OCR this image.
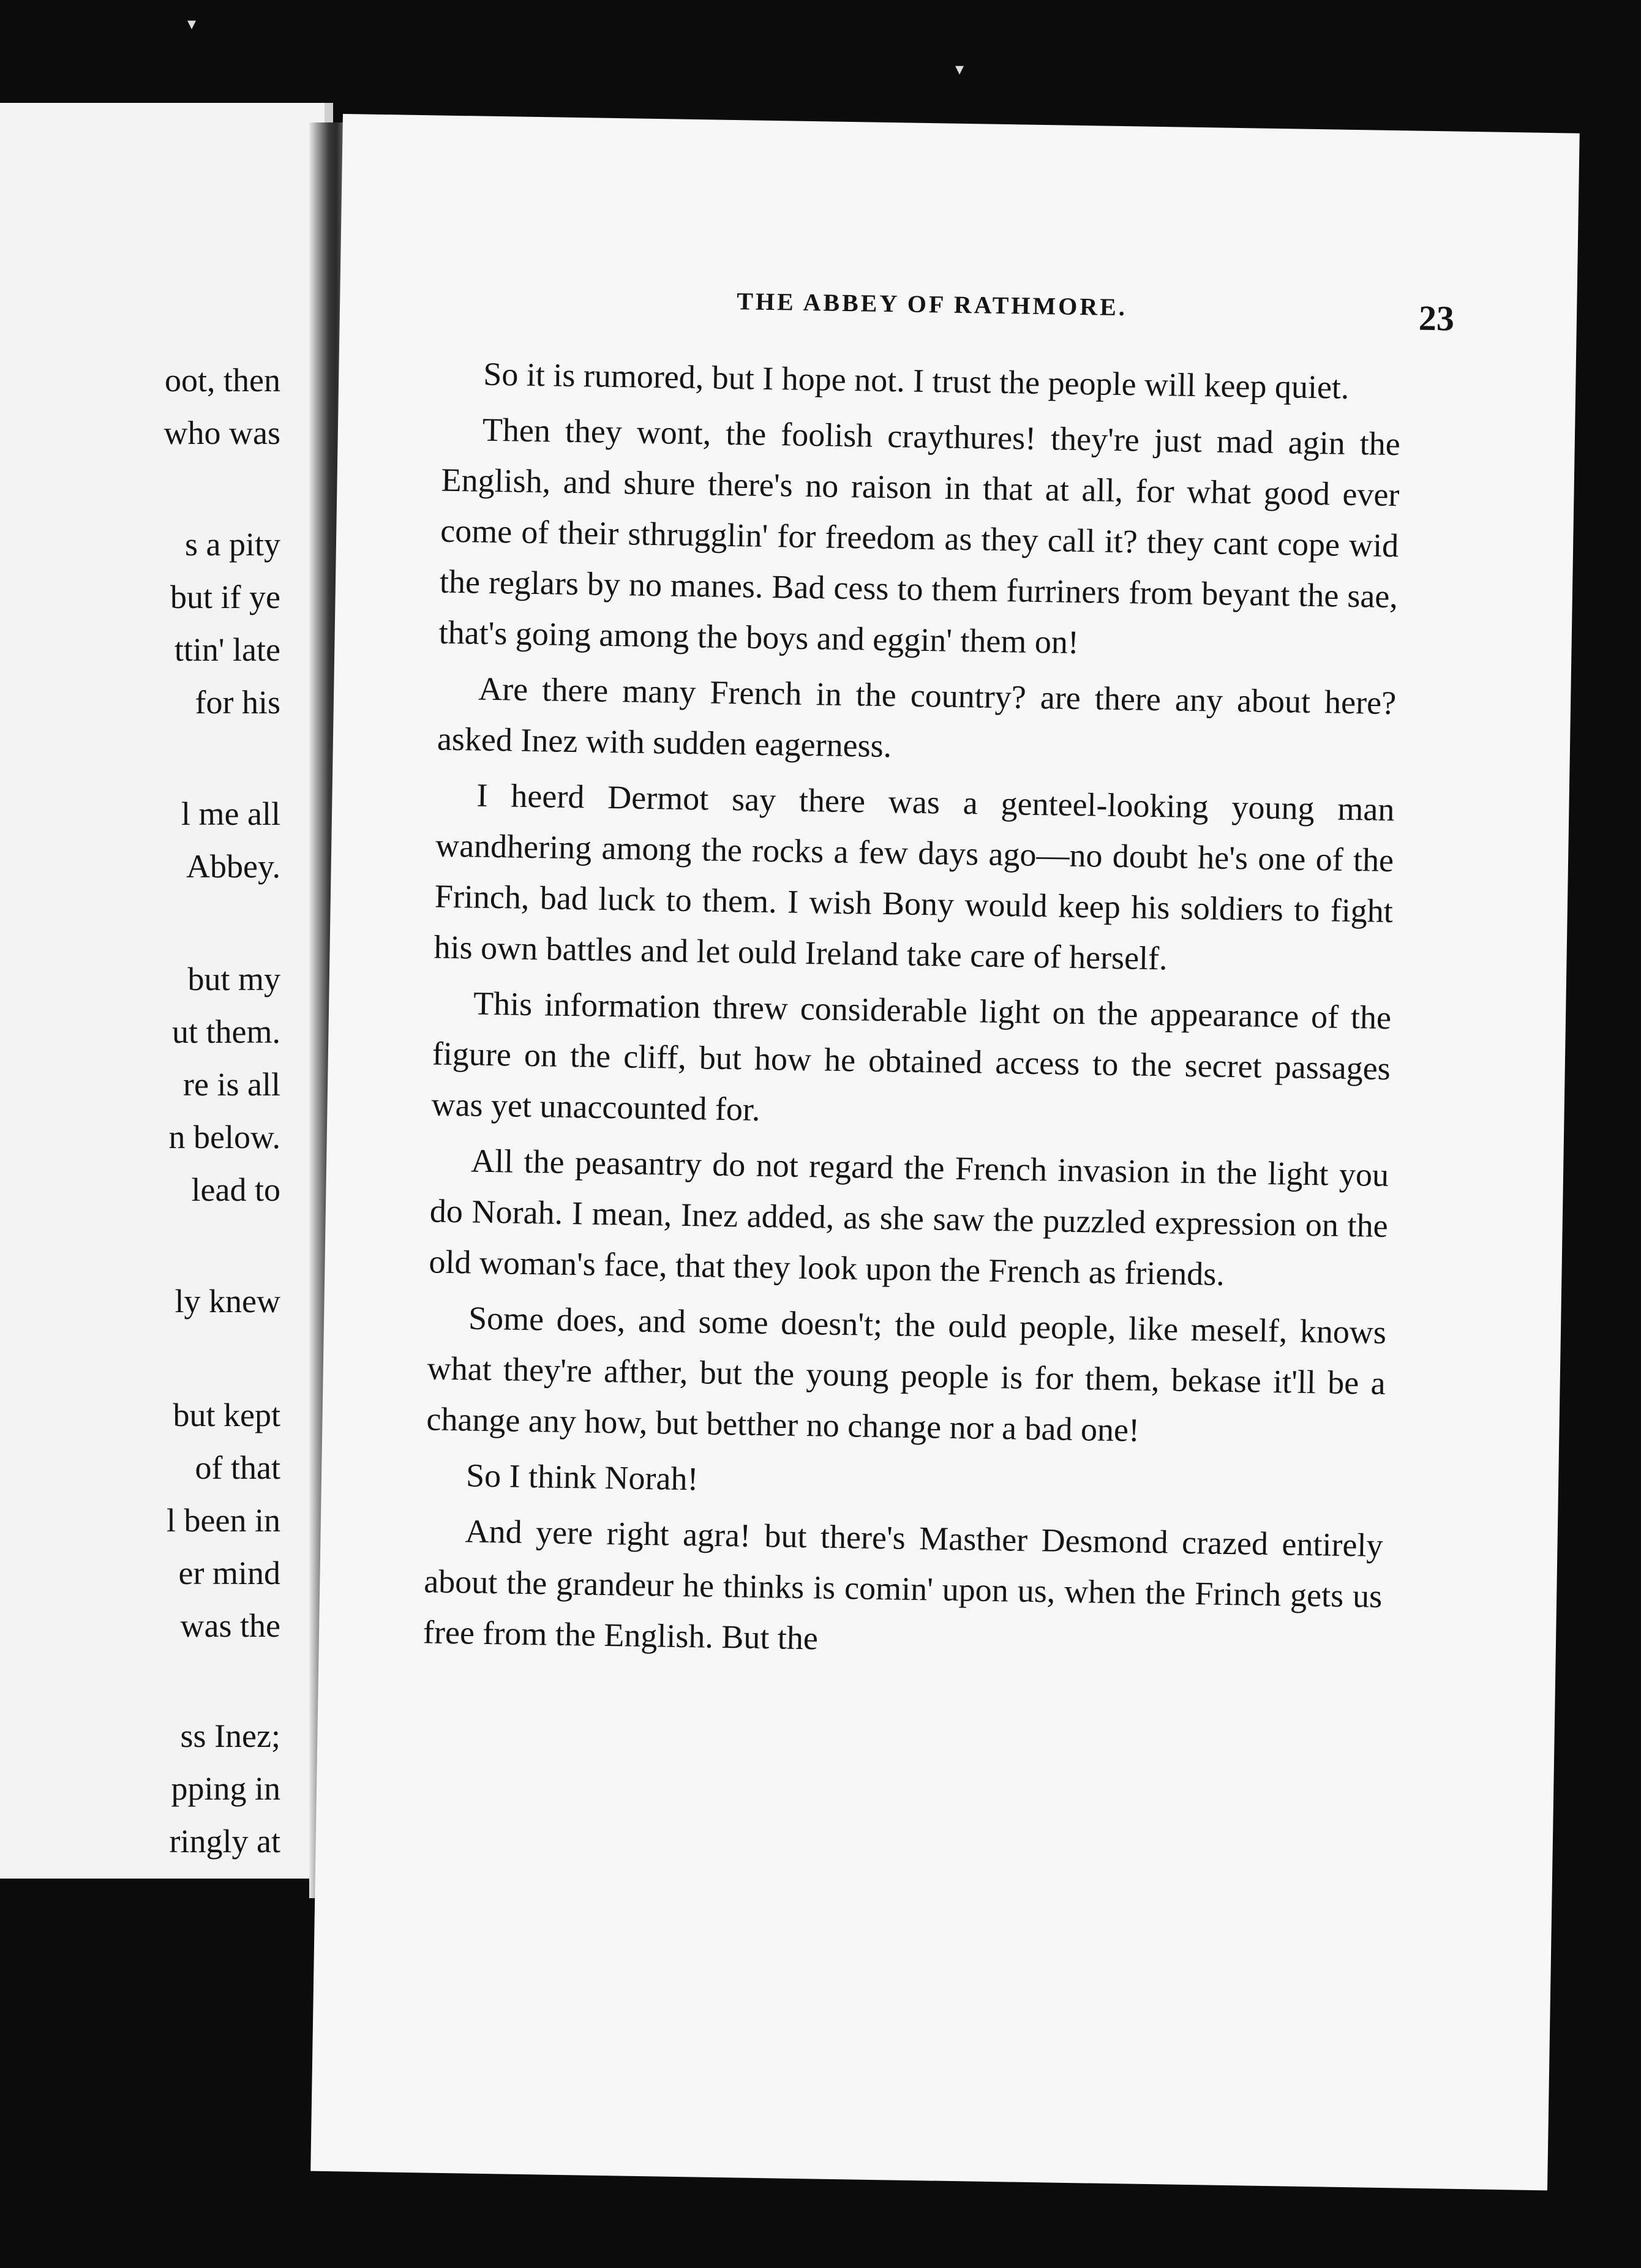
oot, then

who was

s a pity

but if ye

ttin' late

for his

l me all

Abbey.

but my

ut them.

re is all

n below.

lead to

ly knew

but kept

of that

l been in

er mind

was the

ss Inez;

pping in

ringly at

THE ABBEY OF RATHMORE.	23

So it is rumored, but I hope not. I trust the people will keep quiet.

Then they wont, the foolish craythures! they're just mad agin the English, and shure there's no raison in that at all, for what good ever come of their sthrugglin' for freedom as they call it? they cant cope wid the reglars by no manes. Bad cess to them furriners from beyant the sae, that's going among the boys and eggin' them on!

Are there many French in the country? are there any about here? asked Inez with sudden eagerness.

I heerd Dermot say there was a genteel-looking young man wandhering among the rocks a few days ago—no doubt he's one of the Frinch, bad luck to them. I wish Bony would keep his soldiers to fight his own battles and let ould Ireland take care of herself.

This information threw considerable light on the appearance of the figure on the cliff, but how he obtained access to the secret passages was yet unaccounted for.

All the peasantry do not regard the French invasion in the light you do Norah. I mean, Inez added, as she saw the puzzled expression on the old woman's face, that they look upon the French as friends.

Some does, and some doesn't; the ould people, like meself, knows what they're afther, but the young people is for them, bekase it'll be a change any how, but betther no change nor a bad one!

So I think Norah!

And yere right agra! but there's Masther Desmond crazed entirely about the grandeur he thinks is comin' upon us, when the Frinch gets us free from the English. But the

▾
▾
